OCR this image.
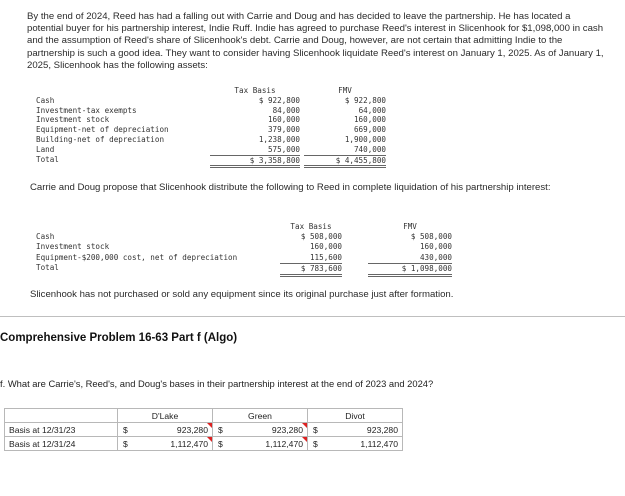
By the end of 2024, Reed has had a falling out with Carrie and Doug and has decided to leave the partnership. He has located a potential buyer for his partnership interest, Indie Ruff. Indie has agreed to purchase Reed's interest in Slicenhook for $1,098,000 in cash and the assumption of Reed's share of Slicenhook's debt. Carrie and Doug, however, are not certain that admitting Indie to the partnership is such a good idea. They want to consider having Slicenhook liquidate Reed's interest on January 1, 2025. As of January 1, 2025, Slicenhook has the following assets:
Tax Basis	FMV
Cash	$ 922,800	$ 922,800
Investment-tax exempts	84,000	64,000
Investment stock	160,000	160,000
Equipment-net of depreciation	379,000	669,000
Building-net of depreciation	1,238,000	1,900,000
Land	575,000	740,000
Total	$ 3,358,800	$ 4,455,800
Carrie and Doug propose that Slicenhook distribute the following to Reed in complete liquidation of his partnership interest:
Tax Basis	FMV
Cash	$ 508,000	$ 508,000
Investment stock	160,000	160,000
Equipment-$200,000 cost, net of depreciation	115,600	430,000
Total	$ 783,600	$ 1,098,000
Slicenhook has not purchased or sold any equipment since its original purchase just after formation.
Comprehensive Problem 16-63 Part f (Algo)
f. What are Carrie's, Reed's, and Doug's bases in their partnership interest at the end of 2023 and 2024?
	D'Lake	Green	Divot
Basis at 12/31/23	$ 923,280	$ 923,280	$ 923,280
Basis at 12/31/24	$ 1,112,470	$ 1,112,470	$ 1,112,470
